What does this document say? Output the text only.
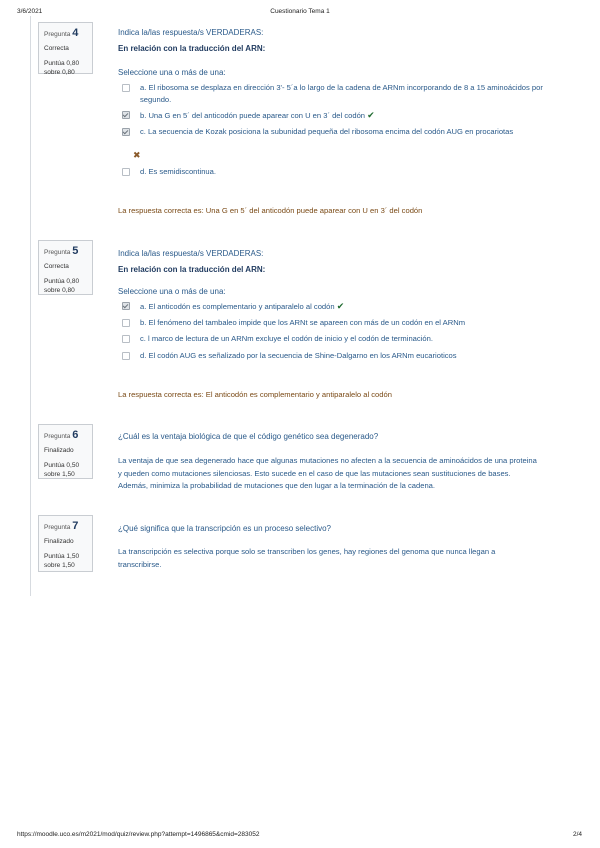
3/6/2021	Cuestionario Tema 1
https://moodle.uco.es/m2021/mod/quiz/review.php?attempt=1496865&cmid=283052	2/4
Pregunta 4
Correcta
Puntúa 0,80
sobre 0,80
Indica la/las respuesta/s VERDADERAS:
En relación con la traducción del ARN:
Seleccione una o más de una:
a. El ribosoma se desplaza en dirección 3'- 5´a lo largo de la cadena de ARNm incorporando de 8 a 15 aminoácidos por segundo.
b. Una G en 5´ del anticodón puede aparear con U en 3´ del codón ✔
c. La secuencia de Kozak posiciona la subunidad pequeña del ribosoma encima del codón AUG en procariotas
✖
d. Es semidiscontinua.
La respuesta correcta es: Una G en 5´ del anticodón puede aparear con U en 3´ del codón
Pregunta 5
Correcta
Puntúa 0,80
sobre 0,80
Indica la/las respuesta/s VERDADERAS:
En relación con la traducción del ARN:
Seleccione una o más de una:
a. El anticodón es complementario y antiparalelo al codón ✔
b. El fenómeno del tambaleo impide que los ARNt se apareen con más de un codón en el ARNm
c. l marco de lectura de un ARNm excluye el codón de inicio y el codón de terminación.
d. El codón AUG es señalizado por la secuencia de Shine-Dalgarno en los ARNm eucarioticos
La respuesta correcta es: El anticodón es complementario y antiparalelo al codón
Pregunta 6
Finalizado
Puntúa 0,50
sobre 1,50
¿Cuál es la ventaja biológica de que el código genético sea degenerado?
La ventaja de que sea degenerado hace que algunas mutaciones no afecten a la secuencia de aminoácidos de una proteina y queden como mutaciones silenciosas. Esto sucede en el caso de que las mutaciones sean sustituciones de bases. Además, minimiza la probabilidad de mutaciones que den lugar a la terminación de la cadena.
Pregunta 7
Finalizado
Puntúa 1,50
sobre 1,50
¿Qué significa que la transcripción es un proceso selectivo?
La transcripción es selectiva porque solo se transcriben los genes, hay regiones del genoma que nunca llegan a transcribirse.
